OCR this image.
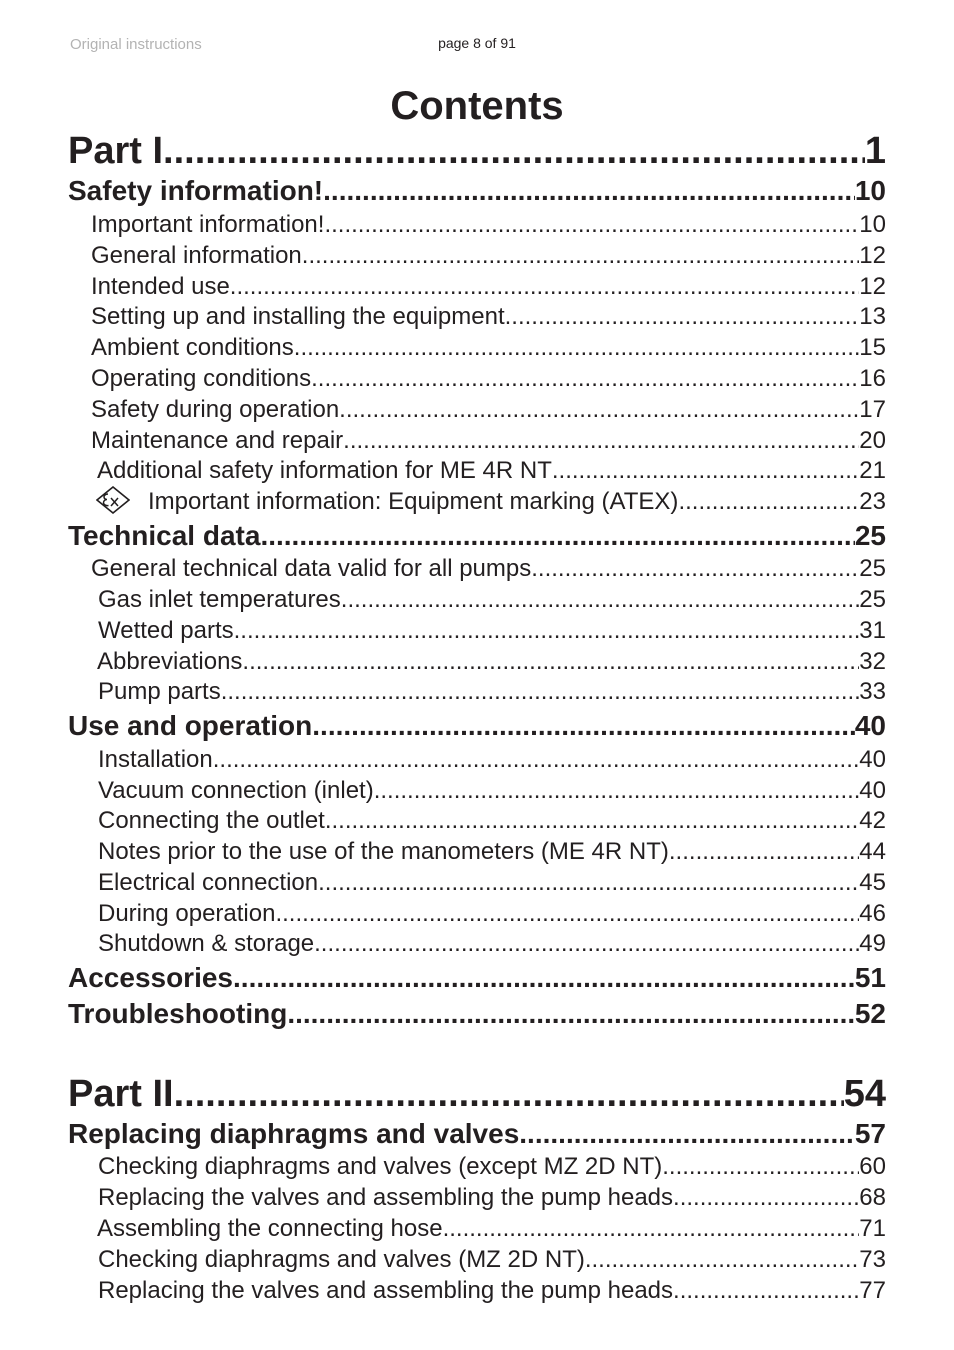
Original instructions	page 8 of 91
Contents
Part I .....	1
Safety information! .....	10
Important information! .....	10
General information .....	12
Intended use .....	12
Setting up and installing the equipment .....	13
Ambient conditions .....	15
Operating conditions .....	16
Safety during operation .....	17
Maintenance and repair .....	20
Additional safety information for ME 4R NT .....	21
Important information: Equipment marking (ATEX) .....	23
Technical data .....	25
General technical data valid for all pumps .....	25
Gas inlet temperatures .....	25
Wetted parts .....	31
Abbreviations .....	32
Pump parts .....	33
Use and operation .....	40
Installation .....	40
Vacuum connection (inlet) .....	40
Connecting the outlet .....	42
Notes prior to the use of the manometers (ME 4R NT) .....	44
Electrical connection .....	45
During operation .....	46
Shutdown & storage .....	49
Accessories .....	51
Troubleshooting .....	52
Part II .....	54
Replacing diaphragms and valves .....	57
Checking diaphragms and valves (except MZ 2D NT) .....	60
Replacing the valves and assembling the pump heads .....	68
Assembling the connecting hose .....	71
Checking diaphragms and valves (MZ 2D NT) .....	73
Replacing the valves and assembling the pump heads .....	77
